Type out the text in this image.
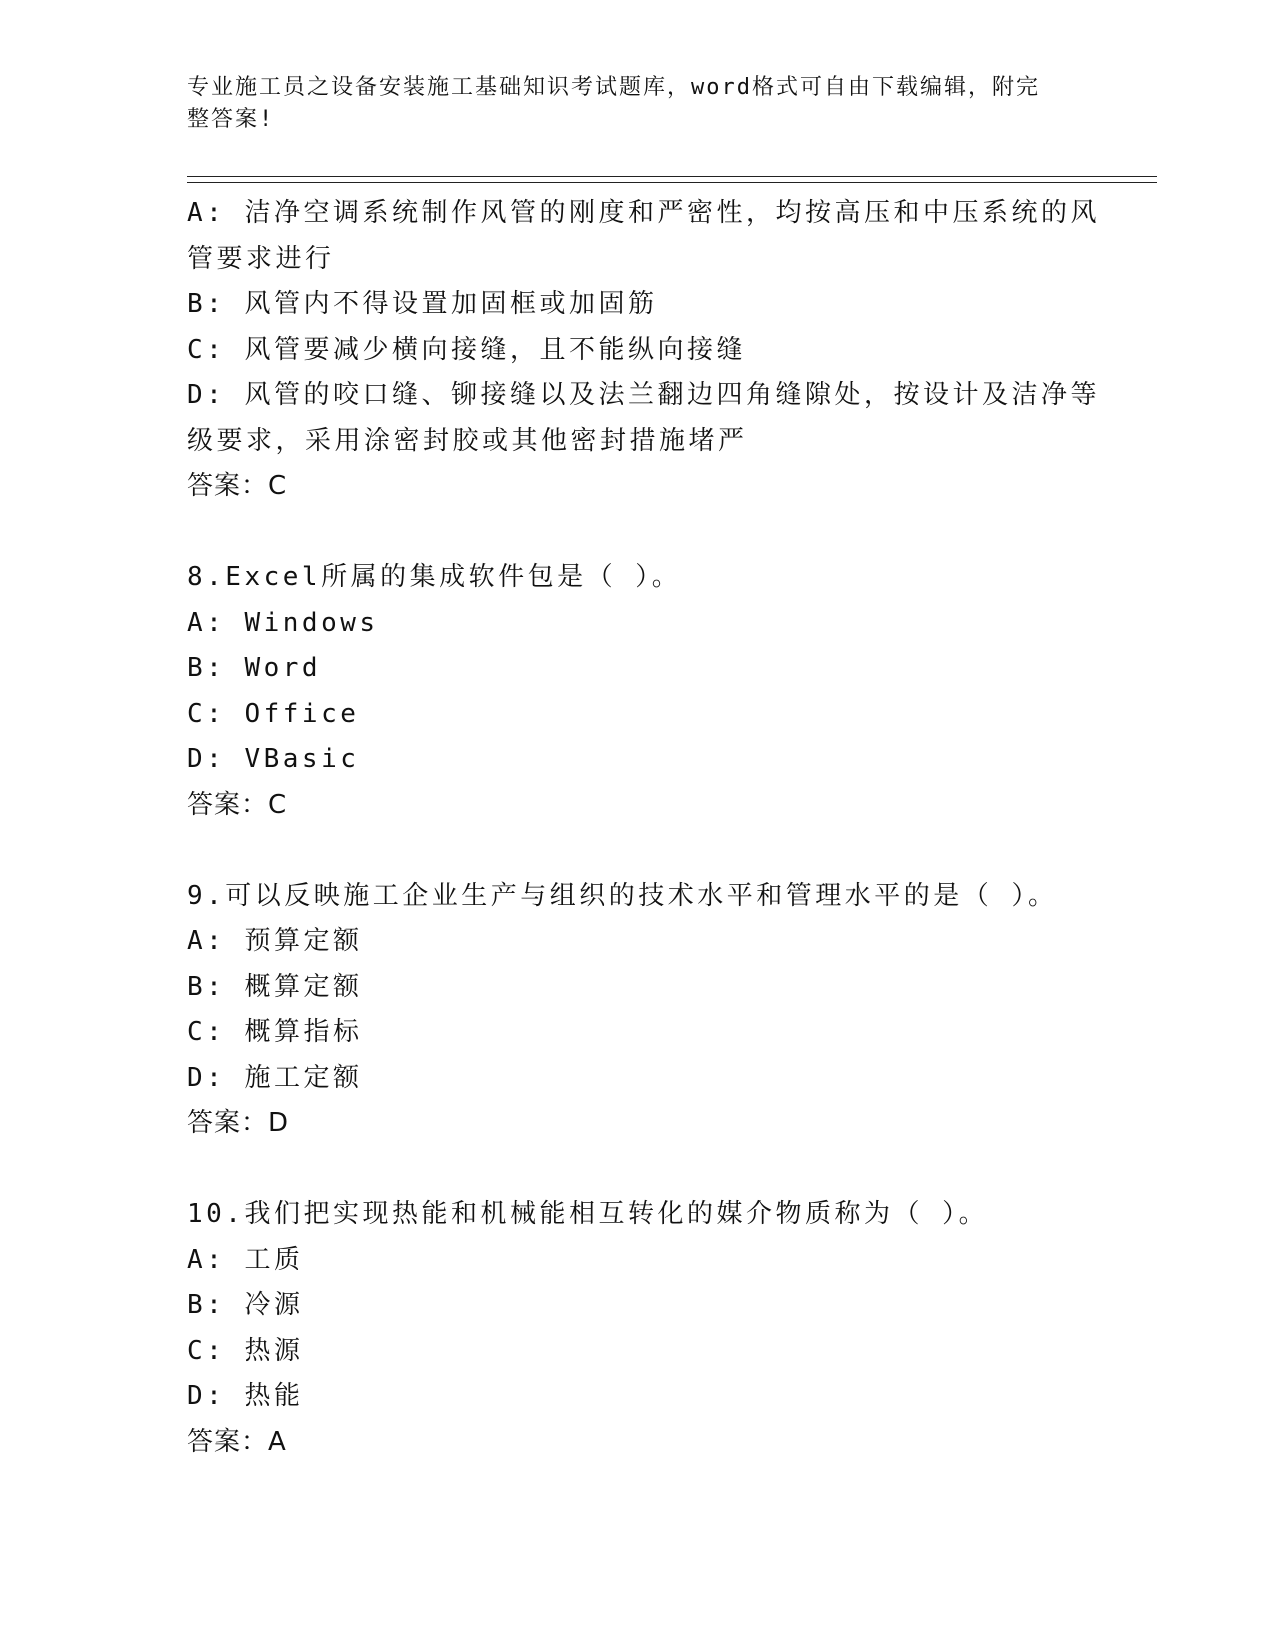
专业施工员之设备安装施工基础知识考试题库，word格式可自由下载编辑，附完
整答案!
A: 洁净空调系统制作风管的刚度和严密性，均按高压和中压系统的风
管要求进行
B: 风管内不得设置加固框或加固筋
C: 风管要减少横向接缝，且不能纵向接缝
D: 风管的咬口缝、铆接缝以及法兰翻边四角缝隙处，按设计及洁净等
级要求，采用涂密封胶或其他密封措施堵严
答案：C
8.Excel所属的集成软件包是（ ）。
A: Windows
B: Word
C: Office
D: VBasic
答案：C
9.可以反映施工企业生产与组织的技术水平和管理水平的是（ ）。
A: 预算定额
B: 概算定额
C: 概算指标
D: 施工定额
答案：D
10.我们把实现热能和机械能相互转化的媒介物质称为（ ）。
A: 工质
B: 冷源
C: 热源
D: 热能
答案：A
